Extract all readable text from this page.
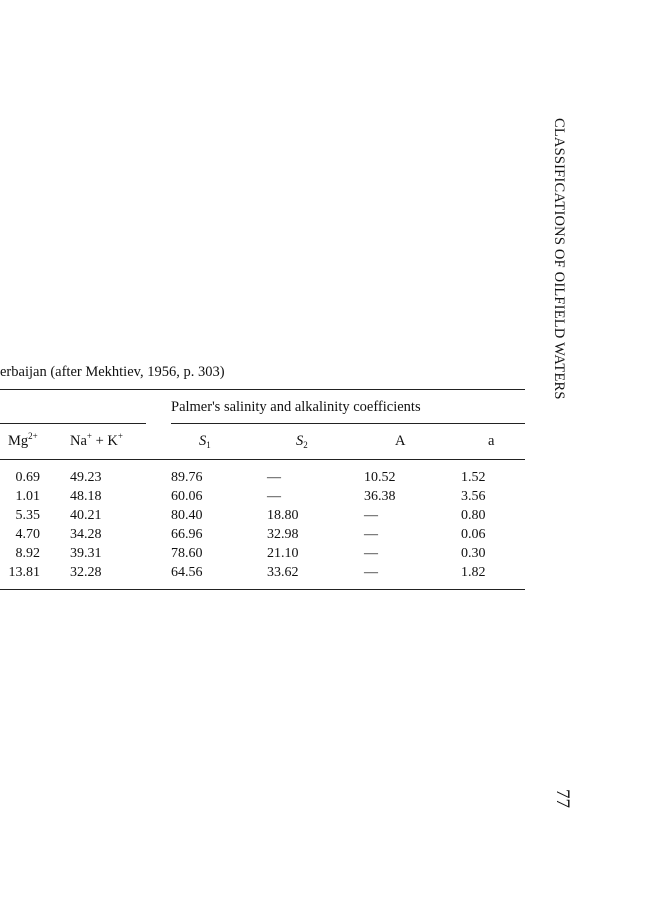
erbaijan (after Mekhtiev, 1956, p. 303)
Palmer's salinity and alkalinity coefficients
$Mg^{2+}$ Na+ + K+	$S_1$	$S_2$	A	a
0.69 49.23	89.76	—	10.52	1.52
1.01 48.18	60.06	—	36.38	3.56
5.35 40.21	80.40	18.80	—	0.80
4.70 34.28	66.96	32.98	—	0.06
8.92 39.31	78.60	21.10	—	0.30
13.81 32.28	64.56	33.62	—	1.82
CLASSIFICATIONS OF OILFIELD WATERS
77
